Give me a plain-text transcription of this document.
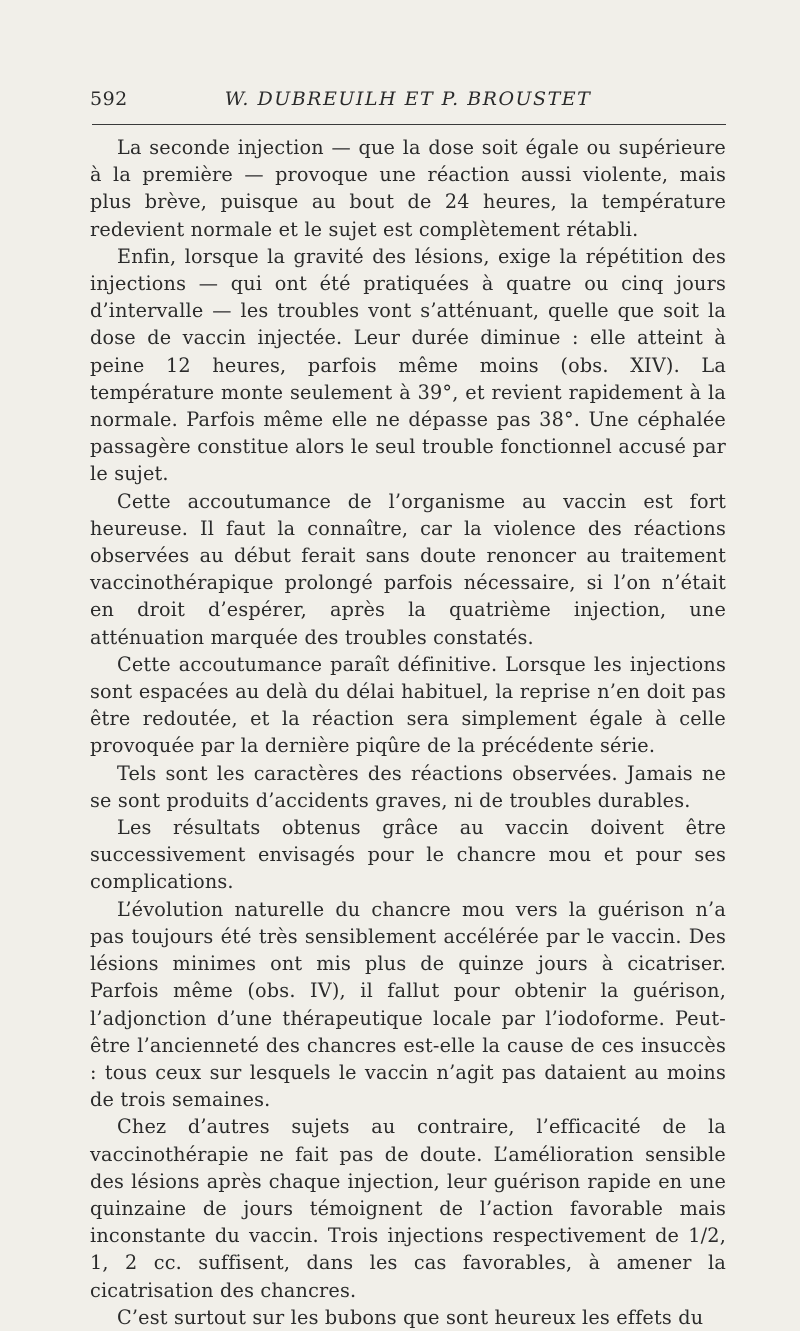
592	W. DUBREUILH ET P. BROUSTET

La seconde injection — que la dose soit égale ou supérieure à la première — provoque une réaction aussi violente, mais plus brève, puisque au bout de 24 heures, la température redevient normale et le sujet est complètement rétabli.

Enfin, lorsque la gravité des lésions, exige la répétition des injections — qui ont été pratiquées à quatre ou cinq jours d’intervalle — les troubles vont s’atténuant, quelle que soit la dose de vaccin injectée. Leur durée diminue : elle atteint à peine 12 heures, parfois même moins (obs. XIV). La température monte seulement à 39°, et revient rapidement à la normale. Parfois même elle ne dépasse pas 38°. Une céphalée passagère constitue alors le seul trouble fonctionnel accusé par le sujet.

Cette accoutumance de l’organisme au vaccin est fort heureuse. Il faut la connaître, car la violence des réactions observées au début ferait sans doute renoncer au traitement vaccinothérapique prolongé parfois nécessaire, si l’on n’était en droit d’espérer, après la quatrième injection, une atténuation marquée des troubles constatés.

Cette accoutumance paraît définitive. Lorsque les injections sont espacées au delà du délai habituel, la reprise n’en doit pas être redoutée, et la réaction sera simplement égale à celle provoquée par la dernière piqûre de la précédente série.

Tels sont les caractères des réactions observées. Jamais ne se sont produits d’accidents graves, ni de troubles durables.

Les résultats obtenus grâce au vaccin doivent être successivement envisagés pour le chancre mou et pour ses complications.

L’évolution naturelle du chancre mou vers la guérison n’a pas toujours été très sensiblement accélérée par le vaccin. Des lésions minimes ont mis plus de quinze jours à cicatriser. Parfois même (obs. IV), il fallut pour obtenir la guérison, l’adjonction d’une thérapeutique locale par l’iodoforme. Peut-être l’ancienneté des chancres est-elle la cause de ces insuccès : tous ceux sur lesquels le vaccin n’agit pas dataient au moins de trois semaines.

Chez d’autres sujets au contraire, l’efficacité de la vaccinothérapie ne fait pas de doute. L’amélioration sensible des lésions après chaque injection, leur guérison rapide en une quinzaine de jours témoignent de l’action favorable mais inconstante du vaccin. Trois injections respectivement de 1/2, 1, 2 cc. suffisent, dans les cas favorables, à amener la cicatrisation des chancres.

C’est surtout sur les bubons que sont heureux les effets du
